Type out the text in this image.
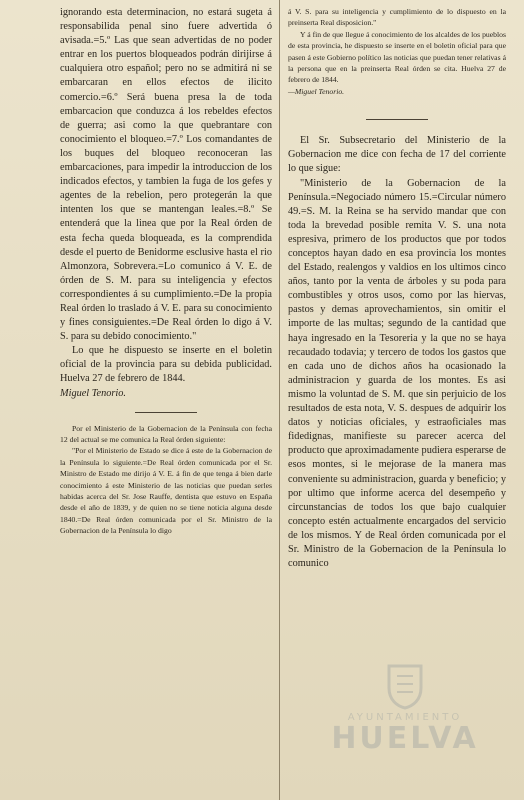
ignorando esta determinacion, no estará sugeta á responsabilida penal sino fuere advertida ó avisada.=5.º Las que sean advertidas de no poder entrar en los puertos bloqueados podrán dirijirse á cualquiera otro español; pero no se admitirá ni se embarcaran en ellos efectos de ilicito comercio.=6.º Será buena presa la de toda embarcacion que conduzca á los rebeldes efectos de guerra; asi como la que quebrantare con conocimiento el bloqueo.=7.º Los comandantes de los buques del bloqueo reconoceran las embarcaciones, para impedir la introduccion de los indicados efectos, y tambien la fuga de los gefes y agentes de la rebelion, pero protegerán la que intenten los que se mantengan leales.=8.º Se entenderá que la linea que por la Real órden de esta fecha queda bloqueada, es la comprendida desde el puerto de Benidorme esclusive hasta el rio Almonzora, Sobrevera.=Lo comunico á V. E. de órden de S. M. para su inteligencia y efectos correspondientes á su cumplimiento.=De la propia Real órden lo traslado á V. E. para su conocimiento y fines consiguientes.=De Real órden lo digo á V. S. para su debido conocimiento."

Lo que he dispuesto se inserte en el boletin oficial de la provincia para su debida publicidad. Huelva 27 de febrero de 1844.

Miguel Tenorio.

Por el Ministerio de la Gobernacion de la Península con fecha 12 del actual se me comunica la Real órden siguiente:

"Por el Ministerio de Estado se dice á este de la Gobernacion de la Península lo siguiente.=De Real órden comunicada por el Sr. Ministro de Estado me dirijo á V. E. á fin de que tenga á bien darle conocimiento á este Ministerio de las noticias que puedan serles habidas acerca del Sr. Jose Rauffe, dentista que estuvo en España desde el año de 1839, y de quien no se tiene noticia alguna desde 1840.=De Real órden comunicada por el Sr. Ministro de la Gobernacion de la Península lo digo

á V. S. para su inteligencia y cumplimiento de lo dispuesto en la preinserta Real disposicion."

Y á fin de que llegue á conocimiento de los alcaldes de los pueblos de esta provincia, he dispuesto se inserte en el boletin oficial para que pasen á este Gobierno político las noticias que puedan tener relativas á la persona que en la preinserta Real órden se cita. Huelva 27 de febrero de 1844.

—Miguel Tenorio.

El Sr. Subsecretario del Ministerio de la Gobernacion me dice con fecha de 17 del corriente lo que sigue:

"Ministerio de la Gobernacion de la Península.=Negociado número 15.=Circular número 49.=S. M. la Reina se ha servido mandar que con toda la brevedad posible remita V. S. una nota espresiva, primero de los productos que por todos conceptos hayan dado en esa provincia los montes del Estado, realengos y valdios en los ultimos cinco años, tanto por la venta de árboles y su poda para combustibles y otros usos, como por las hiervas, pastos y demas aprovechamientos, sin omitir el importe de las multas; segundo de la cantidad que haya ingresado en la Tesoreria y la que no se haya recaudado todavia; y tercero de todos los gastos que en cada uno de dichos años ha ocasionado la administracion y guarda de los montes. Es asi mismo la voluntad de S. M. que sin perjuicio de los resultados de esta nota, V. S. despues de adquirir los datos y noticias oficiales, y estraoficiales mas fidedignas, manifieste su parecer acerca del producto que aproximadamente pudiera esperarse de esos montes, si le mejorase de la manera mas conveniente su administracion, guarda y beneficio; y por ultimo que informe acerca del desempeño y circunstancias de todos los que bajo cualquier concepto estén actualmente encargados del servicio de los mismos. Y de Real órden comunicada por el Sr. Ministro de la Gobernacion de la Península lo comunico

AYUNTAMIENTO
HUELVA
